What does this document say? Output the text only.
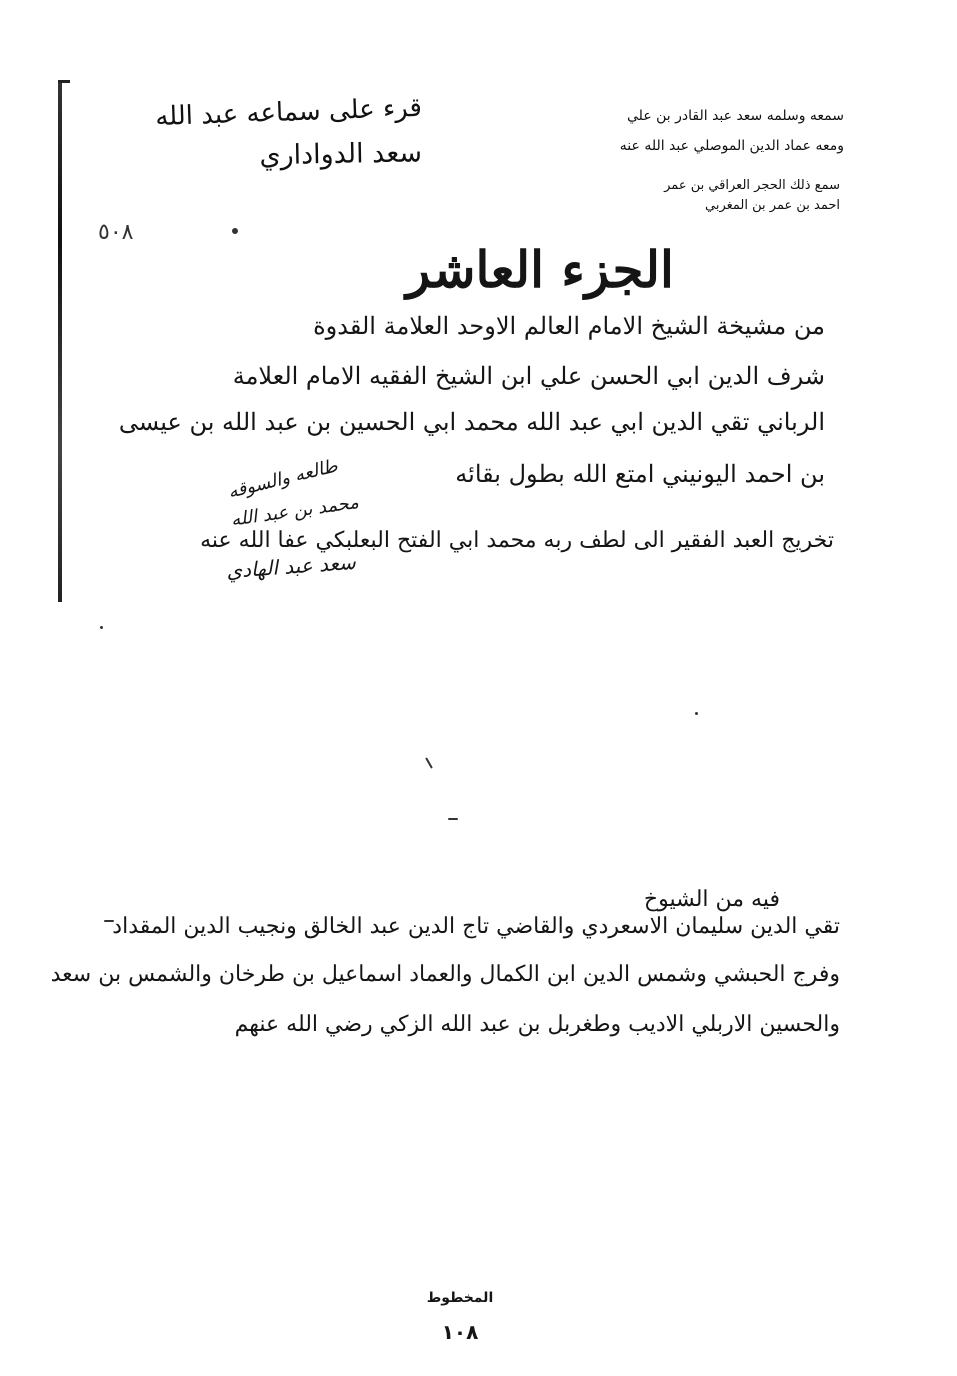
قرء على سماعه عبد الله
سعد الدواداري
سمعه وسلمه سعد عبد القادر بن علي
ومعه عماد الدين الموصلي عبد الله عنه
سمع ذلك الحجر العراقي بن عمر
احمد بن عمر بن المغربي
٥٠٨
الجزء العاشر
من مشيخة الشيخ الامام العالم الاوحد العلامة القدوة
شرف الدين ابي الحسن علي ابن الشيخ الفقيه الامام العلامة
الرباني تقي الدين ابي عبد الله محمد ابي الحسين بن عبد الله بن عيسى
بن احمد اليونيني امتع الله بطول بقائه
تخريج العبد الفقير الى لطف ربه محمد ابي الفتح البعلبكي عفا الله عنه
طالعه والسوقه
محمد بن عبد الله
سعد عبد الهادي
فيه من الشيوخ
تقي الدين سليمان الاسعردي والقاضي تاج الدين عبد الخالق ونجيب الدين المقداد
وفرج الحبشي وشمس الدين ابن الكمال والعماد اسماعيل بن طرخان والشمس بن سعد
والحسين الاربلي الاديب وطغربل بن عبد الله الزكي رضي الله عنهم
المخطوط
١٠٨
